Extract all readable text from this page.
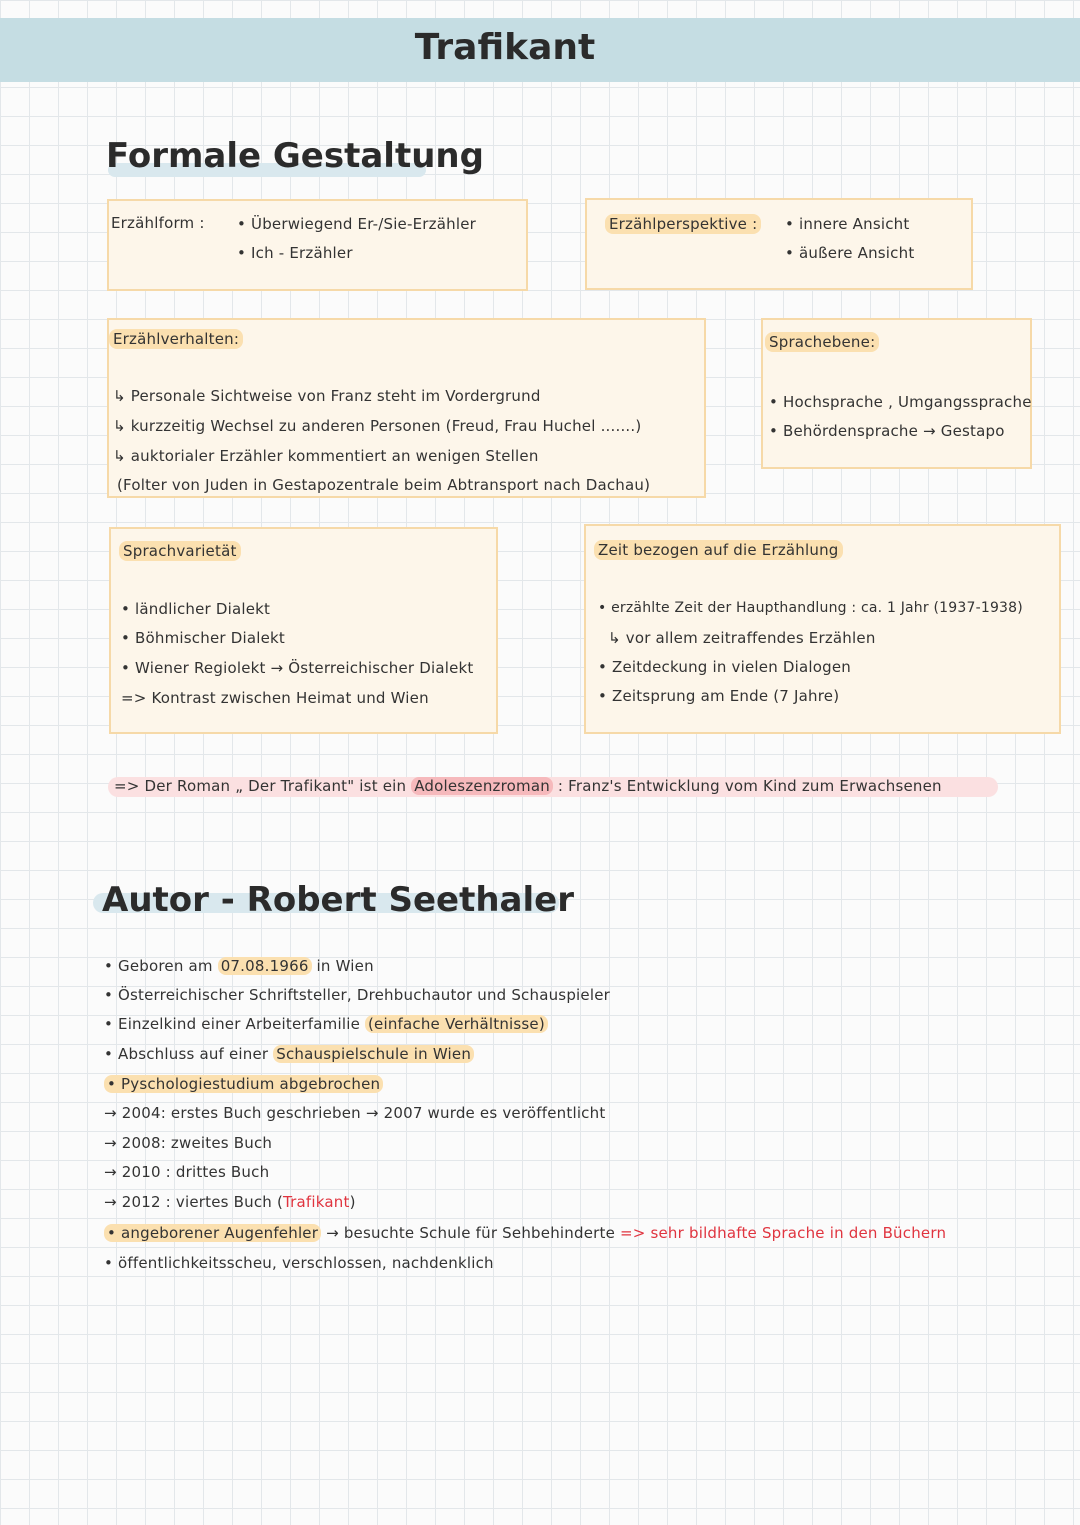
Trafikant
Formale Gestaltung
Erzählform : • Überwiegend Er-/Sie-Erzähler
• Ich - Erzähler
Erzählperspektive : • innere Ansicht
• äußere Ansicht
Erzählverhalten:
↳ Personale Sichtweise von Franz steht im Vordergrund
↳ kurzzeitig Wechsel zu anderen Personen (Freud, Frau Huchel .......)
↳ auktorialer Erzähler kommentiert an wenigen Stellen
(Folter von Juden in Gestapozentrale beim Abtransport nach Dachau)
Sprachebene:
• Hochsprache , Umgangssprache
• Behördensprache → Gestapo
Sprachvarietät
• ländlicher Dialekt
• Böhmischer Dialekt
• Wiener Regiolekt → Österreichischer Dialekt
=> Kontrast zwischen Heimat und Wien
Zeit bezogen auf die Erzählung
• erzählte Zeit der Haupthandlung : ca. 1 Jahr (1937-1938)
↳ vor allem zeitraffendes Erzählen
• Zeitdeckung in vielen Dialogen
• Zeitsprung am Ende (7 Jahre)
=> Der Roman „ Der Trafikant" ist ein Adoleszenzroman : Franz's Entwicklung vom Kind zum Erwachsenen
Autor - Robert Seethaler
• Geboren am 07.08.1966 in Wien
• Österreichischer Schriftsteller, Drehbuchautor und Schauspieler
• Einzelkind einer Arbeiterfamilie (einfache Verhältnisse)
• Abschluss auf einer Schauspielschule in Wien
• Pyschologiestudium abgebrochen
→ 2004: erstes Buch geschrieben → 2007 wurde es veröffentlicht
→ 2008: zweites Buch
→ 2010 : drittes Buch
→ 2012 : viertes Buch (Trafikant)
• angeborener Augenfehler → besuchte Schule für Sehbehinderte => sehr bildhafte Sprache in den Büchern
• öffentlichkeitsscheu, verschlossen, nachdenklich
